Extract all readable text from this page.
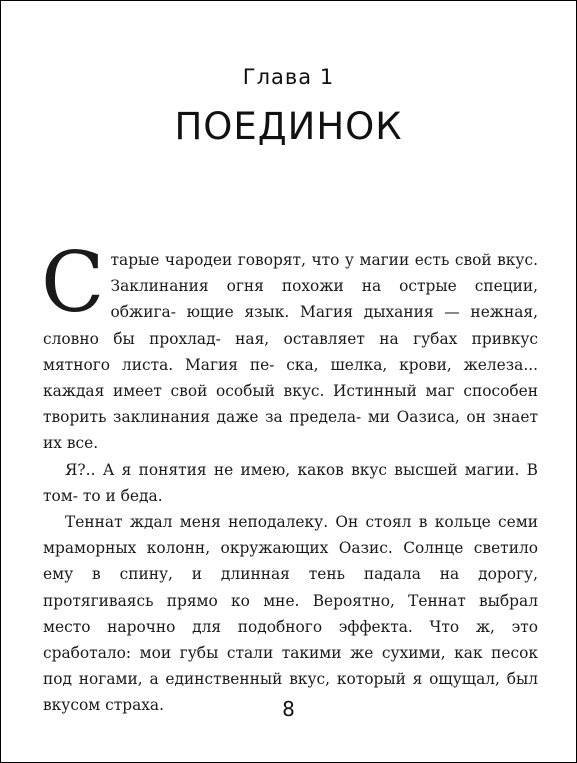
Глава 1
ПОЕДИНОК
С тарые чародеи говорят, что у магии есть свой вкус. Заклинания огня похожи на острые специи, обжига- ющие язык. Магия дыхания — нежная, словно бы прохлад- ная, оставляет на губах привкус мятного листа. Магия пе- ска, шелка, крови, железа... каждая имеет свой особый вкус. Истинный маг способен творить заклинания даже за предела- ми Оазиса, он знает их все.

Я?.. А я понятия не имею, каков вкус высшей магии. В том- то и беда.

Теннат ждал меня неподалеку. Он стоял в кольце семи мраморных колонн, окружающих Оазис. Солнце светило ему в спину, и длинная тень падала на дорогу, протягиваясь прямо ко мне. Вероятно, Теннат выбрал место нарочно для подобного эффекта. Что ж, это сработало: мои губы стали такими же сухими, как песок под ногами, а единственный вкус, который я ощущал, был вкусом страха.	8
